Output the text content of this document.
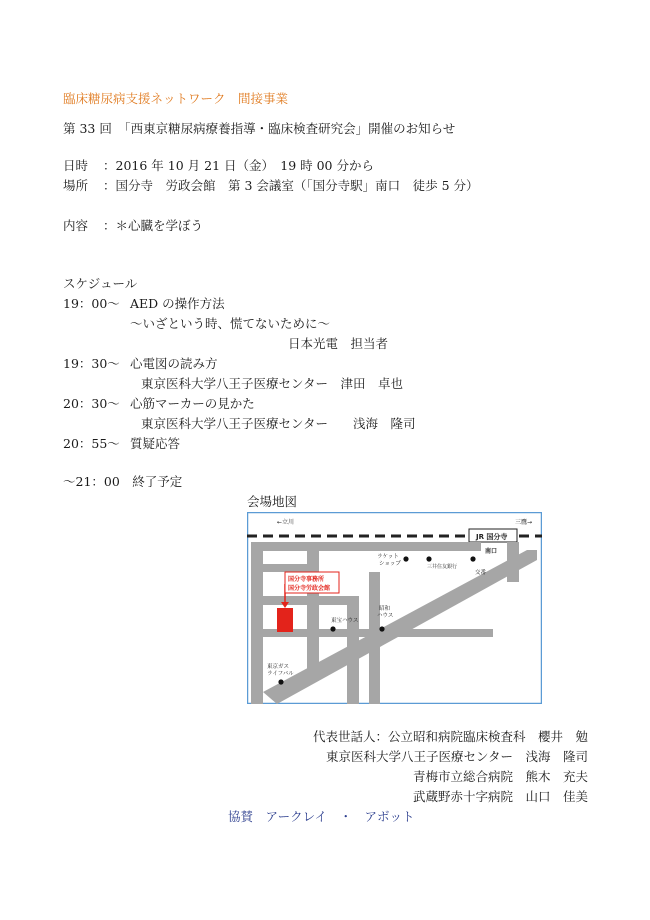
臨床糖尿病支援ネットワーク　 間接事業
第 33 回　「西東京糖尿病療養指導・臨床検査研究会」開催のお知らせ
日時 ：2016 年 10 月 21 日（金）　19 時 00 分から
場所 ：国分寺　労政会館　第 3 会議室（「国分寺駅」南口　徒歩 5 分）
内容 ：＊心臓を学ぼう
スケジュール
19：00～ AED の操作方法
～いざという時、慌てないために～
日本光電　担当者
19：30～ 心電図の読み方
東京医科大学八王子医療センター　津田　卓也
20：30～ 心筋マーカーの見かた
東京医科大学八王子医療センター　　浅海　隆司
20：55～ 質疑応答
～21：00　終了予定
会場地図
←立川	三鷹→
JR 国分寺
南口
国分寺事務所
国分寺労政会館
ラケットショップ	三井住友銀行
交番
東宝ハウス
昭和ハウス
東京ガスライフバル
代表世話人：公立昭和病院臨床検査科　櫻井　勉
東京医科大学八王子医療センター　浅海　隆司
青梅市立総合病院　熊木　充夫
武蔵野赤十字病院　山口　佳美
協賛　アークレイ　・　アボット
